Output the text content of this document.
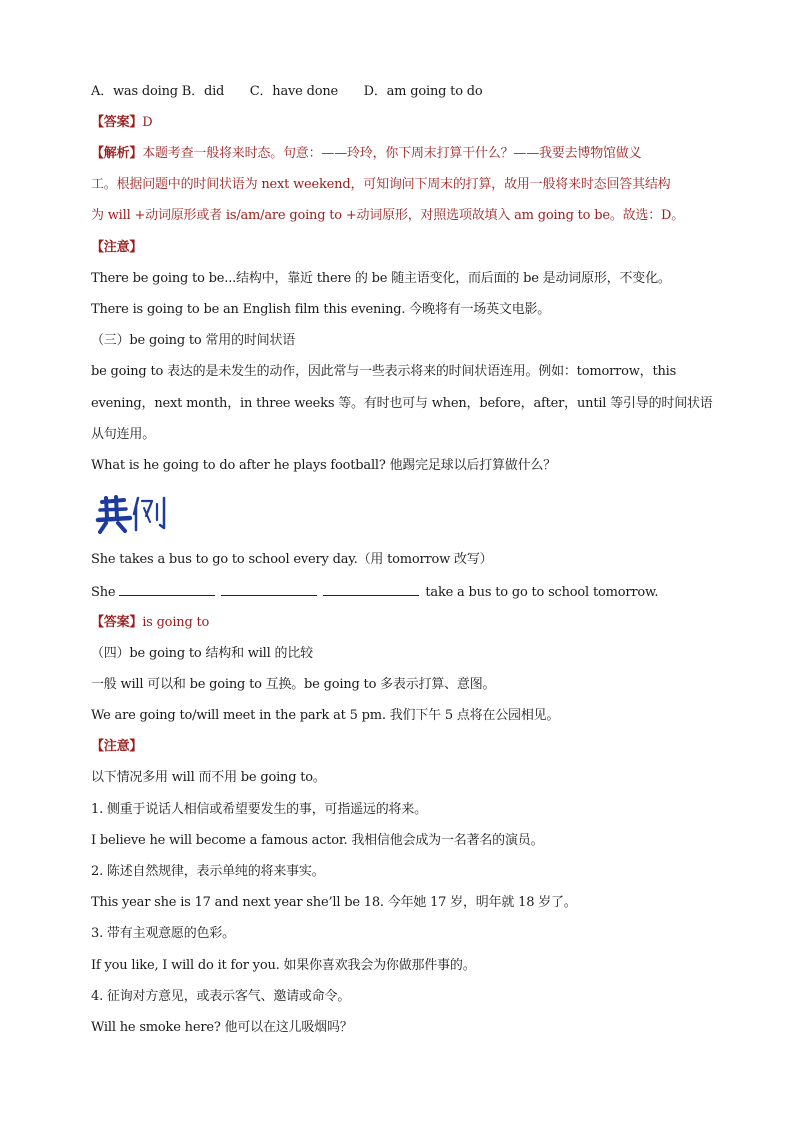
A．was doing B．did　　C．have done　　D．am going to do
【答案】D
【解析】本题考查一般将来时态。句意：——玲玲，你下周末打算干什么？——我要去博物馆做义
工。根据问题中的时间状语为 next weekend，可知询问下周末的打算，故用一般将来时态回答其结构
为 will +动词原形或者 is/am/are going to +动词原形，对照选项故填入 am going to be。故选：D。
【注意】
There be going to be...结构中，靠近 there 的 be 随主语变化，而后面的 be 是动词原形，不变化。
There is going to be an English film this evening. 今晚将有一场英文电影。
（三）be going to 常用的时间状语
be going to 表达的是未发生的动作，因此常与一些表示将来的时间状语连用。例如：tomorrow，this
evening，next month，in three weeks 等。有时也可与 when，before，after，until 等引导的时间状语
从句连用。
What is he going to do after he plays football? 他踢完足球以后打算做什么？
She takes a bus to go to school every day.（用 tomorrow 改写）
She	take a bus to go to school tomorrow.
【答案】is going to
（四）be going to 结构和 will 的比较
一般 will 可以和 be going to 互换。be going to 多表示打算、意图。
We are going to/will meet in the park at 5 pm. 我们下午 5 点将在公园相见。
【注意】
以下情况多用 will 而不用 be going to。
1. 侧重于说话人相信或希望要发生的事，可指遥远的将来。
I believe he will become a famous actor. 我相信他会成为一名著名的演员。
2. 陈述自然规律，表示单纯的将来事实。
This year she is 17 and next year she’ll be 18. 今年她 17 岁，明年就 18 岁了。
3. 带有主观意愿的色彩。
If you like, I will do it for you. 如果你喜欢我会为你做那件事的。
4. 征询对方意见，或表示客气、邀请或命令。
Will he smoke here? 他可以在这儿吸烟吗？
